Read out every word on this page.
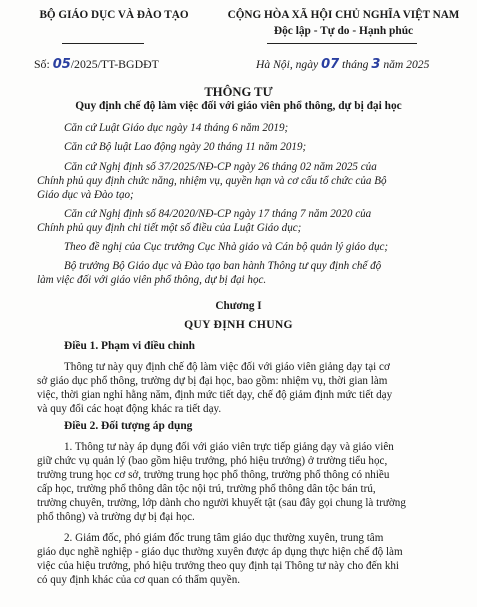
BỘ GIÁO DỤC VÀ ĐÀO TẠO	CỘNG HÒA XÃ HỘI CHỦ NGHĨA VIỆT NAM
Độc lập - Tự do - Hạnh phúc
Số: 05/2025/TT-BGDĐT	Hà Nội, ngày 07 tháng 3 năm 2025
THÔNG TƯ
Quy định chế độ làm việc đối với giáo viên phổ thông, dự bị đại học
Căn cứ Luật Giáo dục ngày 14 tháng 6 năm 2019;
Căn cứ Bộ luật Lao động ngày 20 tháng 11 năm 2019;
Căn cứ Nghị định số 37/2025/NĐ-CP ngày 26 tháng 02 năm 2025 của
Chính phủ quy định chức năng, nhiệm vụ, quyền hạn và cơ cấu tổ chức của Bộ
Giáo dục và Đào tạo;
Căn cứ Nghị định số 84/2020/NĐ-CP ngày 17 tháng 7 năm 2020 của
Chính phủ quy định chi tiết một số điều của Luật Giáo dục;
Theo đề nghị của Cục trưởng Cục Nhà giáo và Cán bộ quản lý giáo dục;
Bộ trưởng Bộ Giáo dục và Đào tạo ban hành Thông tư quy định chế độ
làm việc đối với giáo viên phổ thông, dự bị đại học.
Chương I
QUY ĐỊNH CHUNG
Điều 1. Phạm vi điều chỉnh
Thông tư này quy định chế độ làm việc đối với giáo viên giảng dạy tại cơ
sở giáo dục phổ thông, trường dự bị đại học, bao gồm: nhiệm vụ, thời gian làm
việc, thời gian nghỉ hằng năm, định mức tiết dạy, chế độ giảm định mức tiết dạy
và quy đổi các hoạt động khác ra tiết dạy.
Điều 2. Đối tượng áp dụng
1. Thông tư này áp dụng đối với giáo viên trực tiếp giảng dạy và giáo viên
giữ chức vụ quản lý (bao gồm hiệu trưởng, phó hiệu trưởng) ở trường tiểu học,
trường trung học cơ sở, trường trung học phổ thông, trường phổ thông có nhiều
cấp học, trường phổ thông dân tộc nội trú, trường phổ thông dân tộc bán trú,
trường chuyên, trường, lớp dành cho người khuyết tật (sau đây gọi chung là trường
phổ thông) và trường dự bị đại học.
2. Giám đốc, phó giám đốc trung tâm giáo dục thường xuyên, trung tâm
giáo dục nghề nghiệp - giáo dục thường xuyên được áp dụng thực hiện chế độ làm
việc của hiệu trưởng, phó hiệu trưởng theo quy định tại Thông tư này cho đến khi
có quy định khác của cơ quan có thẩm quyền.
